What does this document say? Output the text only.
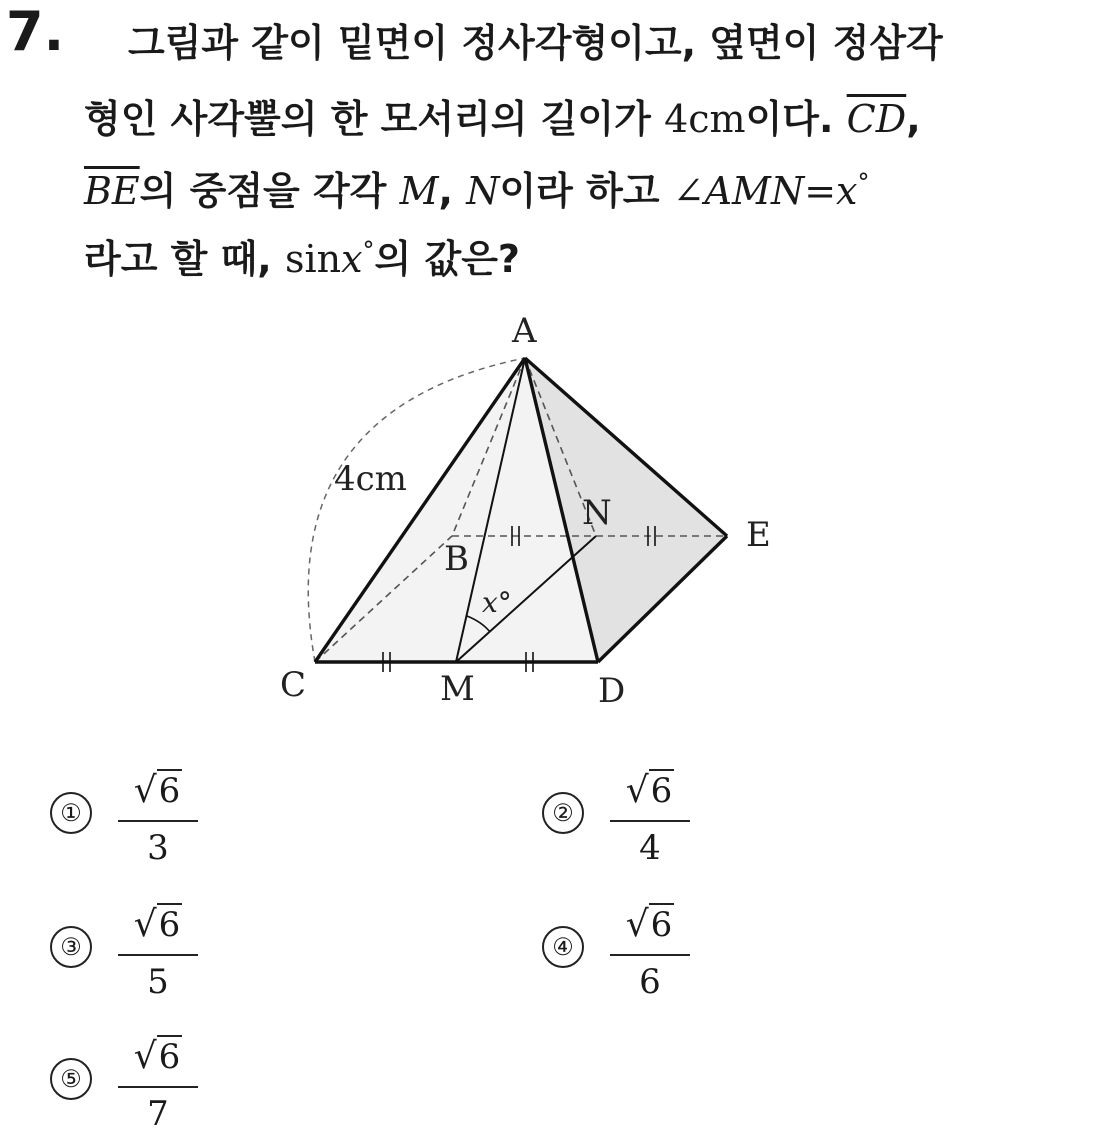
7. 그림과 같이 밑면이 정사각형이고, 옆면이 정삼각
형인 사각뿔의 한 모서리의 길이가 4cm이다. $\overline{CD}$,
$\overline{BE}$의 중점을 각각 M, N이라 하고 ∠AMN=x°
라고 할 때, sinx°의 값은?
A
B
C	D
E
M
N
4cm
x°
①
√6
3
②
√6
4
③
√6
5
④
√6
6
⑤
√6
7
